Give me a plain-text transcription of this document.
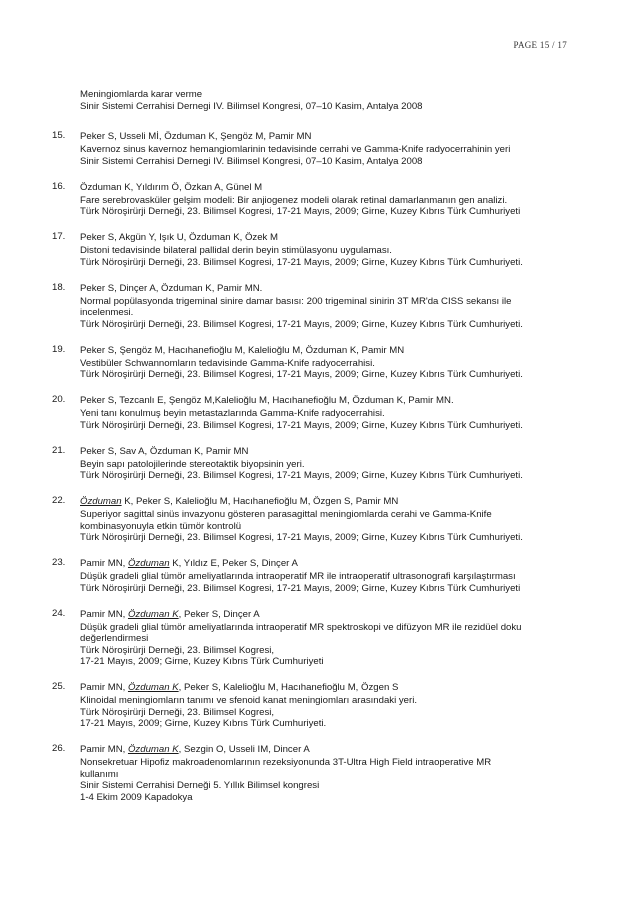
PAGE 15 / 17
Meningiomlarda karar verme
Sinir Sistemi Cerrahisi Dernegi IV. Bilimsel Kongresi, 07–10 Kasim, Antalya 2008
15. Peker S, Usseli Mİ, Özduman K, Şengöz M, Pamir MN
Kavernoz sinus kavernoz hemangiomlarinin tedavisinde cerrahi ve Gamma-Knife radyocerrahinin yeri
Sinir Sistemi Cerrahisi Dernegi IV. Bilimsel Kongresi, 07–10 Kasim, Antalya 2008
16. Özduman K, Yıldırım Ö, Özkan A, Günel M
Fare serebrovasküler gelşim modeli: Bir anjiogenez modeli olarak retinal damarlanmanın gen analizi.
Türk Nöroşirürji Derneği, 23. Bilimsel Kogresi, 17-21 Mayıs, 2009; Girne, Kuzey Kıbrıs Türk Cumhuriyeti
17. Peker S, Akgün Y, Işık U, Özduman K, Özek M
Distoni tedavisinde bilateral pallidal derin beyin stimülasyonu uygulaması.
Türk Nöroşirürji Derneği, 23. Bilimsel Kogresi, 17-21 Mayıs, 2009; Girne, Kuzey Kıbrıs Türk Cumhuriyeti.
18. Peker S, Dinçer A, Özduman K, Pamir MN.
Normal popülasyonda trigeminal sinire damar basısı: 200 trigeminal sinirin 3T MR'da CISS sekansı ile
incelenmesi.
Türk Nöroşirürji Derneği, 23. Bilimsel Kogresi, 17-21 Mayıs, 2009; Girne, Kuzey Kıbrıs Türk Cumhuriyeti.
19. Peker S, Şengöz M, Hacıhanefioğlu M, Kalelioğlu M, Özduman K, Pamir MN
Vestibüler Schwannomların tedavisinde Gamma-Knife radyocerrahisi.
Türk Nöroşirürji Derneği, 23. Bilimsel Kogresi, 17-21 Mayıs, 2009; Girne, Kuzey Kıbrıs Türk Cumhuriyeti.
20. Peker S, Tezcanlı E, Şengöz M,Kalelioğlu M, Hacıhanefioğlu M, Özduman K, Pamir MN.
Yeni tanı konulmuş beyin metastazlarında Gamma-Knife radyocerrahisi.
Türk Nöroşirürji Derneği, 23. Bilimsel Kogresi, 17-21 Mayıs, 2009; Girne, Kuzey Kıbrıs Türk Cumhuriyeti.
21. Peker S, Sav A, Özduman K, Pamir MN
Beyin sapı patolojilerinde stereotaktik biyopsinin yeri.
Türk Nöroşirürji Derneği, 23. Bilimsel Kogresi, 17-21 Mayıs, 2009; Girne, Kuzey Kıbrıs Türk Cumhuriyeti.
22. Özduman K, Peker S, Kalelioğlu M, Hacıhanefioğlu M, Özgen S, Pamir MN
Superiyor sagittal sinüs invazyonu gösteren parasagittal meningiomlarda cerahi ve Gamma-Knife
kombinasyonuyla etkin tümör kontrolü
Türk Nöroşirürji Derneği, 23. Bilimsel Kogresi, 17-21 Mayıs, 2009; Girne, Kuzey Kıbrıs Türk Cumhuriyeti.
23. Pamir MN, Özduman K, Yıldız E, Peker S, Dinçer A
Düşük gradeli glial tümör ameliyatlarında intraoperatif MR ile intraoperatif ultrasonografi karşılaştırması
Türk Nöroşirürji Derneği, 23. Bilimsel Kogresi, 17-21 Mayıs, 2009; Girne, Kuzey Kıbrıs Türk Cumhuriyeti
24. Pamir MN, Özduman K, Peker S, Dinçer A
Düşük gradeli glial tümör ameliyatlarında intraoperatif MR spektroskopi ve difüzyon MR ile rezidüel doku
değerlendirmesi
Türk Nöroşirürji Derneği, 23. Bilimsel Kogresi,
17-21 Mayıs, 2009; Girne, Kuzey Kıbrıs Türk Cumhuriyeti
25. Pamir MN, Özduman K, Peker S, Kalelioğlu M, Hacıhanefioğlu M, Özgen S
Klinoidal meningiomların tanımı ve sfenoid kanat meningiomları arasındaki yeri.
Türk Nöroşirürji Derneği, 23. Bilimsel Kogresi,
17-21 Mayıs, 2009; Girne, Kuzey Kıbrıs Türk Cumhuriyeti.
26. Pamir MN, Özduman K, Sezgin O, Usseli IM, Dincer A
Nonsekretuar Hipofiz makroadenomlarının rezeksiyonunda 3T-Ultra High Field intraoperative MR
kullanımı
Sinir Sistemi Cerrahisi Derneği 5. Yıllık Bilimsel kongresi
1-4 Ekim 2009 Kapadokya
